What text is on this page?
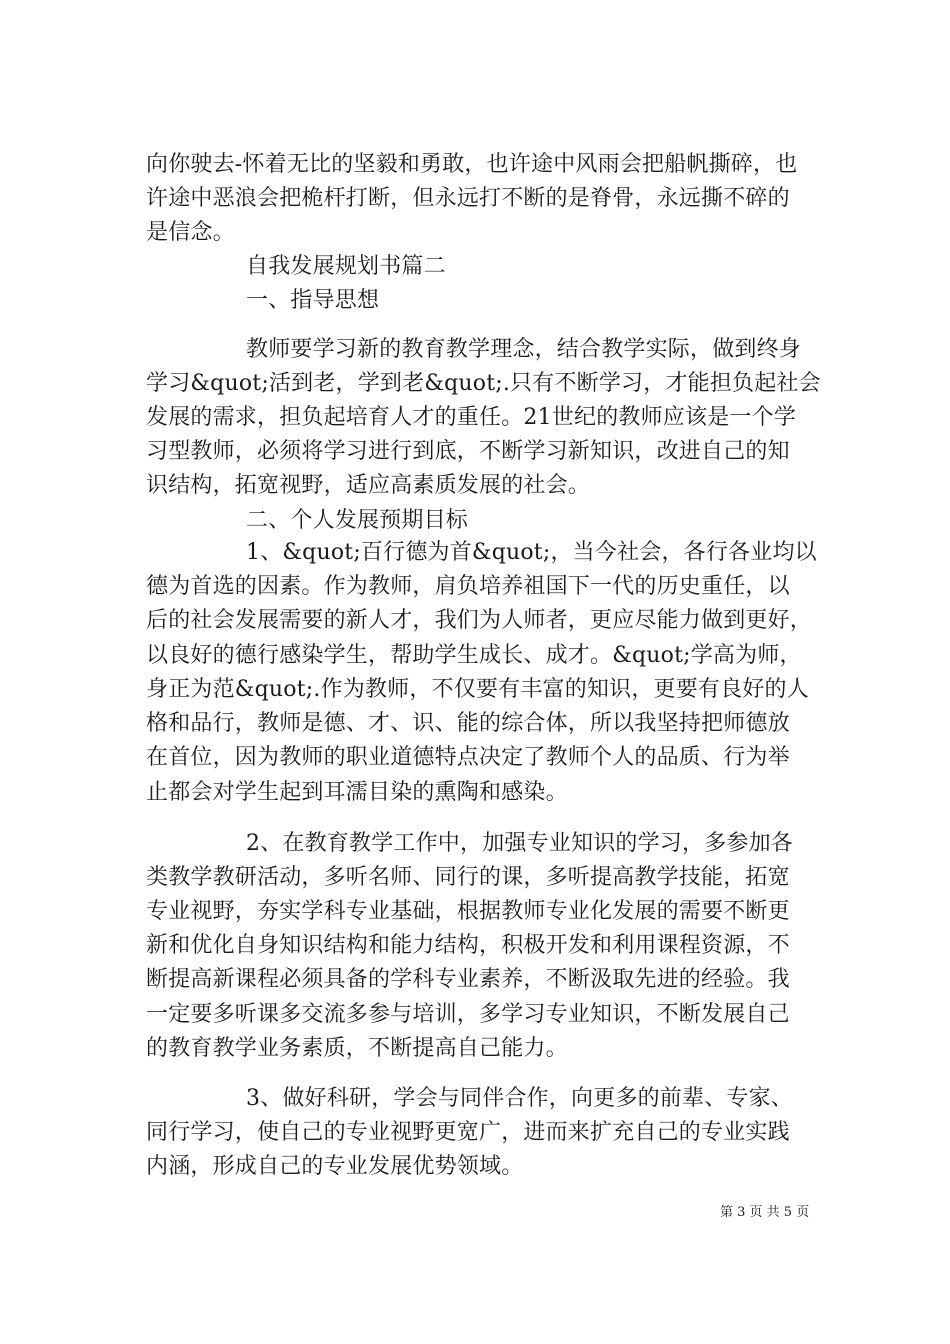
向你驶去-怀着无比的坚毅和勇敢，也许途中风雨会把船帆撕碎，也
许途中恶浪会把桅杆打断，但永远打不断的是脊骨，永远撕不碎的
是信念。
自我发展规划书篇二
一、指导思想
教师要学习新的教育教学理念，结合教学实际，做到终身
学习&quot;活到老，学到老&quot;.只有不断学习，才能担负起社会
发展的需求，担负起培育人才的重任。21世纪的教师应该是一个学
习型教师，必须将学习进行到底，不断学习新知识，改进自己的知
识结构，拓宽视野，适应高素质发展的社会。
二、个人发展预期目标
1、&quot;百行德为首&quot;，当今社会，各行各业均以
德为首选的因素。作为教师，肩负培养祖国下一代的历史重任，以
后的社会发展需要的新人才，我们为人师者，更应尽能力做到更好，
以良好的德行感染学生，帮助学生成长、成才。&quot;学高为师，
身正为范&quot;.作为教师，不仅要有丰富的知识，更要有良好的人
格和品行，教师是德、才、识、能的综合体，所以我坚持把师德放
在首位，因为教师的职业道德特点决定了教师个人的品质、行为举
止都会对学生起到耳濡目染的熏陶和感染。
2、在教育教学工作中，加强专业知识的学习，多参加各
类教学教研活动，多听名师、同行的课，多听提高教学技能，拓宽
专业视野，夯实学科专业基础，根据教师专业化发展的需要不断更
新和优化自身知识结构和能力结构，积极开发和利用课程资源，不
断提高新课程必须具备的学科专业素养，不断汲取先进的经验。我
一定要多听课多交流多参与培训，多学习专业知识，不断发展自己
的教育教学业务素质，不断提高自己能力。
3、做好科研，学会与同伴合作，向更多的前辈、专家、
同行学习，使自己的专业视野更宽广，进而来扩充自己的专业实践
内涵，形成自己的专业发展优势领域。
第 3 页 共 5 页
